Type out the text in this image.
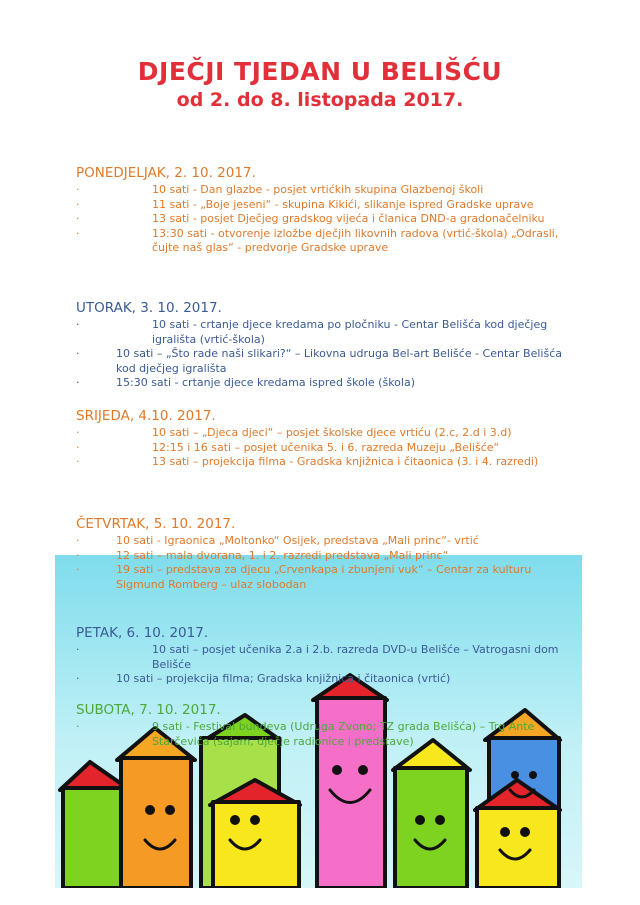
DJEČJI TJEDAN U BELIŠĆU
od 2. do 8. listopada 2017.
PONEDJELJAK, 2. 10. 2017.
·	10 sati - Dan glazbe - posjet vrtićkih skupina Glazbenoj školi
·	11 sati - „Boje jeseni“ - skupina Kikići, slikanje ispred Gradske uprave
·	13 sati - posjet Dječjeg gradskog vijeća i članica DND-a gradonačelniku
·	13:30 sati - otvorenje izložbe dječjih likovnih radova (vrtić-škola) „Odrasli, čujte naš glas“ - predvorje Gradske uprave
UTORAK, 3. 10. 2017.
·	10 sati - crtanje djece kredama po pločniku - Centar Belišća kod dječjeg igrališta (vrtić-škola)
·	10 sati – „Što rade naši slikari?“ – Likovna udruga Bel-art Belišće - Centar Belišća kod dječjeg igrališta
·	15:30 sati - crtanje djece kredama ispred škole (škola)
SRIJEDA, 4.10. 2017.
·	10 sati – „Djeca djeci“ – posjet školske djece vrtiću (2.c, 2.d i 3.d)
·	12:15 i 16 sati – posjet učenika 5. i 6. razreda Muzeju „Belišće“
·	13 sati – projekcija filma - Gradska knjižnica i čitaonica (3. i 4. razredi)
ČETVRTAK, 5. 10. 2017.
·	10 sati - Igraonica „Moltonko“ Osijek, predstava „Mali princ“- vrtić
·	12 sati – mala dvorana, 1. i 2. razredi predstava „Mali princ“
·	19 sati – predstava za djecu „Crvenkapa i zbunjeni vuk“ – Centar za kulturu Sigmund Romberg – ulaz slobodan
PETAK, 6. 10. 2017.
·	10 sati – posjet učenika 2.a i 2.b. razreda DVD-u Belišće – Vatrogasni dom Belišće
·	10 sati – projekcija filma; Gradska knjižnica i čitaonica (vrtić)
SUBOTA, 7. 10. 2017.
·	9 sati - Festival bundeva (Udruga Zvono; TZ grada Belišća) – Trg Ante Starčevića (sajam, dječje radionice i predstave)
